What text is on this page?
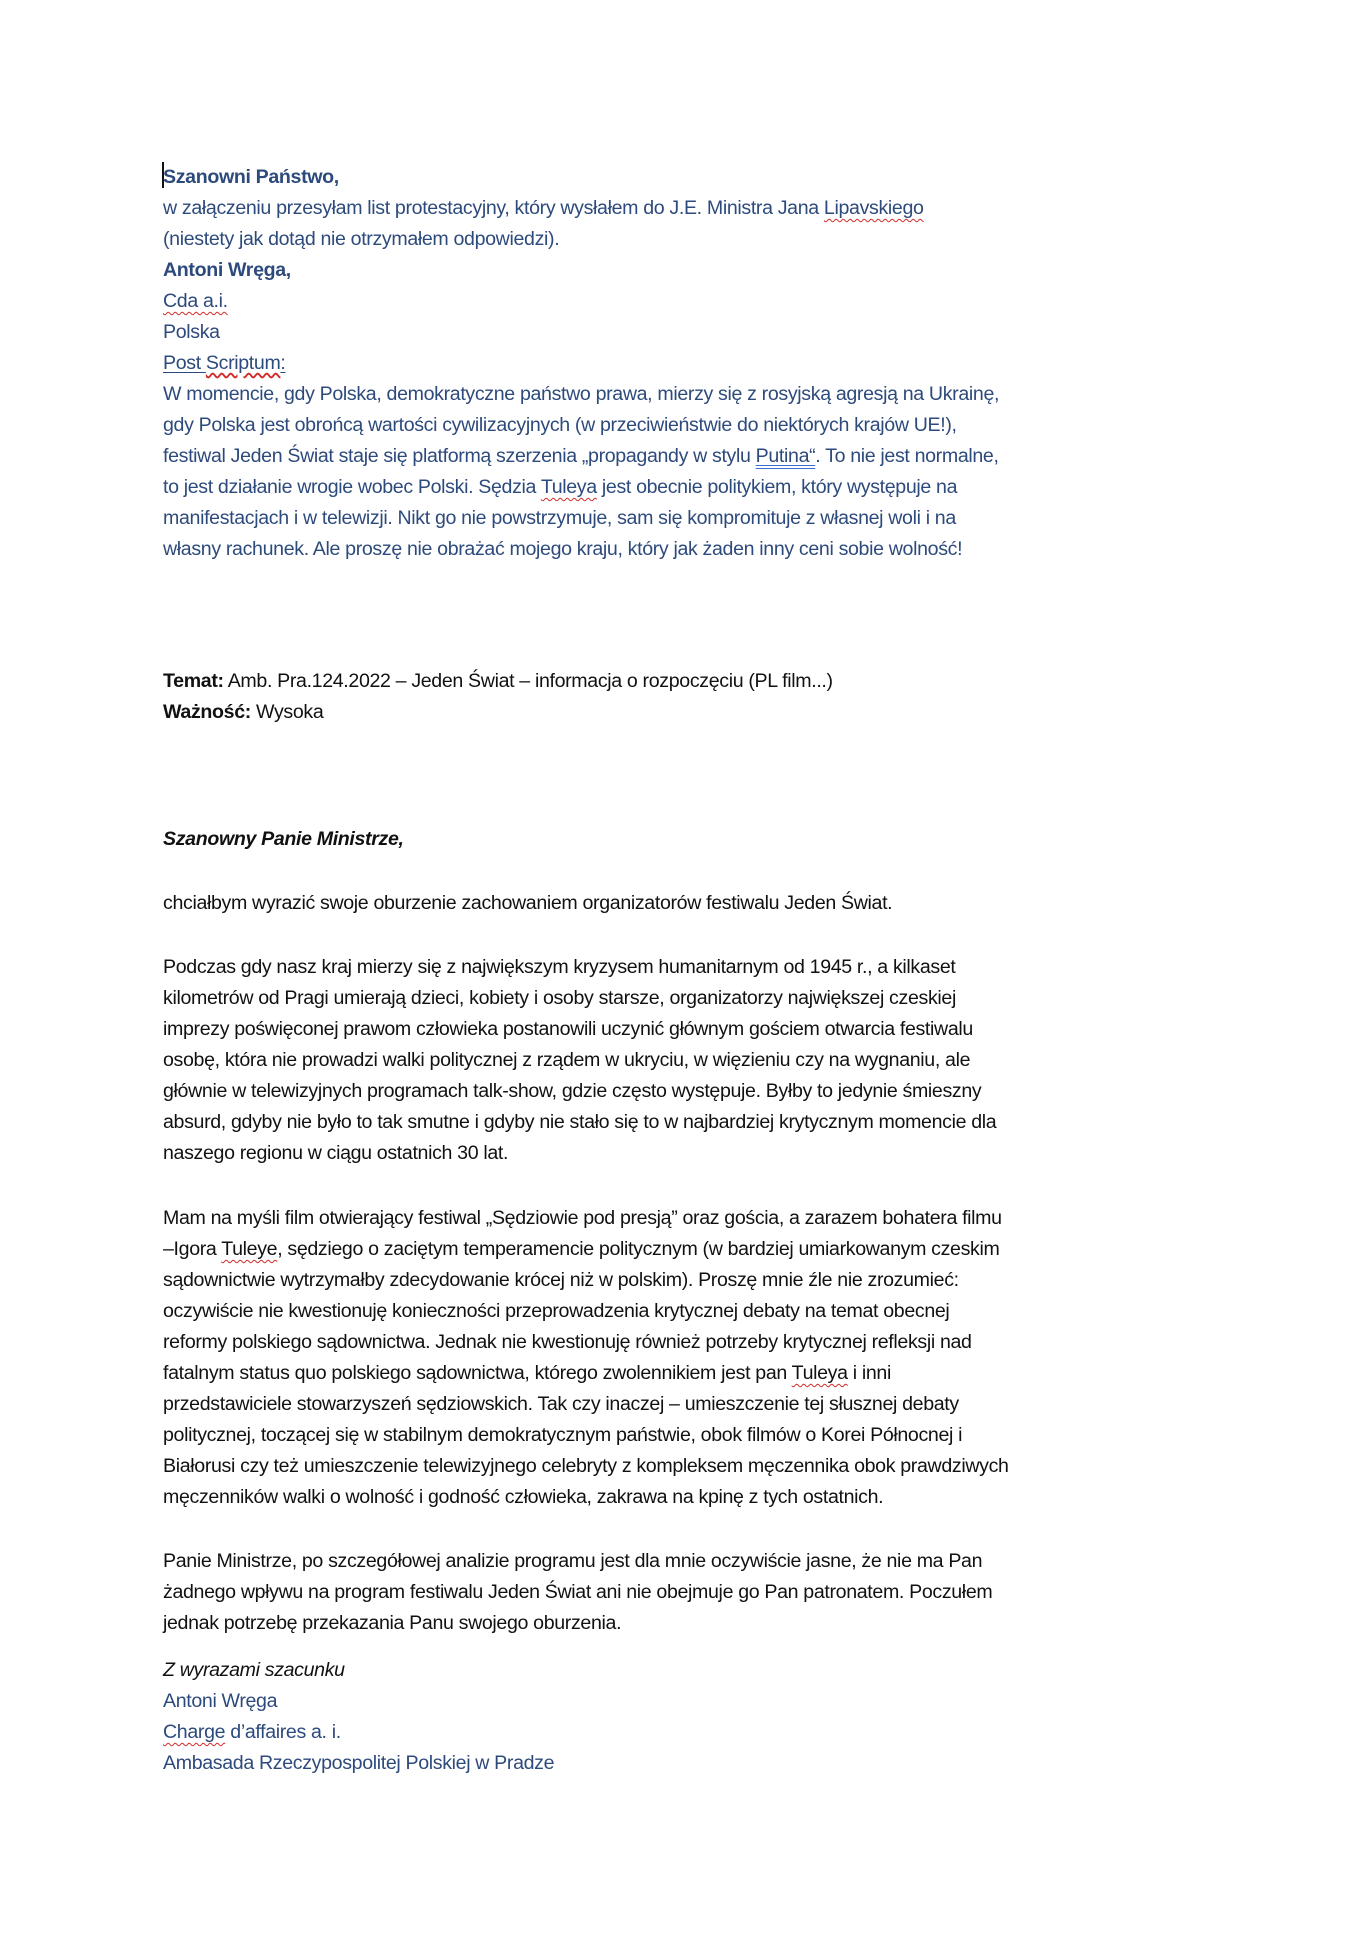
Szanowni Państwo,
w załączeniu przesyłam list protestacyjny, który wysłałem do J.E. Ministra Jana Lipavskiego
(niestety jak dotąd nie otrzymałem odpowiedzi).
Antoni Wręga,
Cda a.i.
Polska
Post Scriptum:
W momencie, gdy Polska, demokratyczne państwo prawa, mierzy się z rosyjską agresją na Ukrainę,
gdy Polska jest obrońcą wartości cywilizacyjnych (w przeciwieństwie do niektórych krajów UE!),
festiwal Jeden Świat staje się platformą szerzenia „propagandy w stylu Putina“. To nie jest normalne,
to jest działanie wrogie wobec Polski. Sędzia Tuleya jest obecnie politykiem, który występuje na
manifestacjach i w telewizji. Nikt go nie powstrzymuje, sam się kompromituje z własnej woli i na
własny rachunek. Ale proszę nie obrażać mojego kraju, który jak żaden inny ceni sobie wolność!
Temat: Amb. Pra.124.2022 – Jeden Świat – informacja o rozpoczęciu (PL film...)
Ważność: Wysoka
Szanowny Panie Ministrze,
chciałbym wyrazić swoje oburzenie zachowaniem organizatorów festiwalu Jeden Świat.
Podczas gdy nasz kraj mierzy się z największym kryzysem humanitarnym od 1945 r., a kilkaset
kilometrów od Pragi umierają dzieci, kobiety i osoby starsze, organizatorzy największej czeskiej
imprezy poświęconej prawom człowieka postanowili uczynić głównym gościem otwarcia festiwalu
osobę, która nie prowadzi walki politycznej z rządem w ukryciu, w więzieniu czy na wygnaniu, ale
głównie w telewizyjnych programach talk-show, gdzie często występuje. Byłby to jedynie śmieszny
absurd, gdyby nie było to tak smutne i gdyby nie stało się to w najbardziej krytycznym momencie dla
naszego regionu w ciągu ostatnich 30 lat.
Mam na myśli film otwierający festiwal „Sędziowie pod presją” oraz gościa, a zarazem bohatera filmu
–Igora Tuleye, sędziego o zaciętym temperamencie politycznym (w bardziej umiarkowanym czeskim
sądownictwie wytrzymałby zdecydowanie krócej niż w polskim). Proszę mnie źle nie zrozumieć:
oczywiście nie kwestionuję konieczności przeprowadzenia krytycznej debaty na temat obecnej
reformy polskiego sądownictwa. Jednak nie kwestionuję również potrzeby krytycznej refleksji nad
fatalnym status quo polskiego sądownictwa, którego zwolennikiem jest pan Tuleya i inni
przedstawiciele stowarzyszeń sędziowskich. Tak czy inaczej – umieszczenie tej słusznej debaty
politycznej, toczącej się w stabilnym demokratycznym państwie, obok filmów o Korei Północnej i
Białorusi czy też umieszczenie telewizyjnego celebryty z kompleksem męczennika obok prawdziwych
męczenników walki o wolność i godność człowieka, zakrawa na kpinę z tych ostatnich.
Panie Ministrze, po szczegółowej analizie programu jest dla mnie oczywiście jasne, że nie ma Pan
żadnego wpływu na program festiwalu Jeden Świat ani nie obejmuje go Pan patronatem. Poczułem
jednak potrzebę przekazania Panu swojego oburzenia.
Z wyrazami szacunku
Antoni Wręga
Charge d’affaires a. i.
Ambasada Rzeczypospolitej Polskiej w Pradze
